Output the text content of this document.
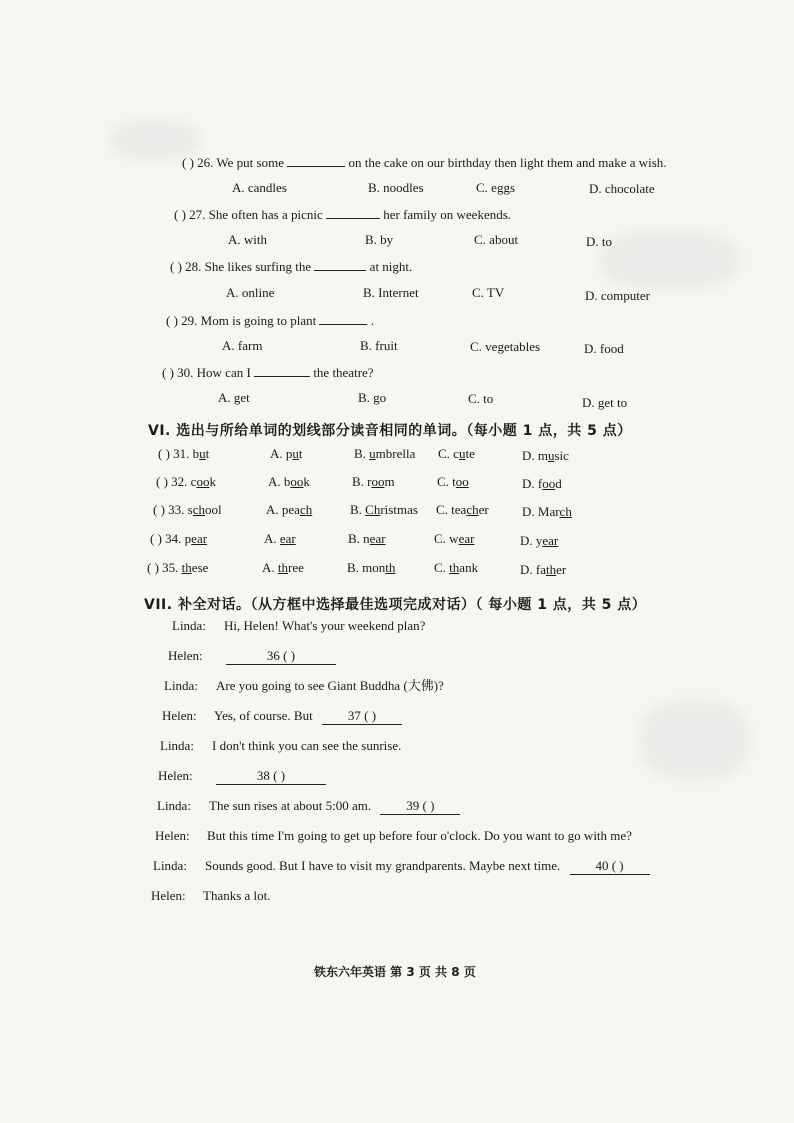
( ) 26. We put some	on the cake on our birthday then light them and make a wish.
A. candles	B. noodles	C. eggs	D. chocolate
( ) 27. She often has a picnic	her family on weekends.
A. with	B. by	C. about	D. to
( ) 28. She likes surfing the	at night.
A. online	B. Internet	C. TV	D. computer
( ) 29. Mom is going to plant	.
A. farm	B. fruit	C. vegetables	D. food
( ) 30. How can I	the theatre?
A. get	B. go	C. to	D. get to
VI. 选出与所给单词的划线部分读音相同的单词。（每小题 1 点，共 5 点）
( ) 31. but	A. put	B. umbrella C. cute	D. music
( ) 32. cook	A. book	B. room	C. too	D. food
( ) 33. school	A. peach	B. Christmas C. teacher	D. March
( ) 34. pear	A. ear	B. near	C. wear	D. year
( ) 35. these	A. three	B. month	C. thank	D. father
VII. 补全对话。（从方框中选择最佳选项完成对话）（ 每小题 1 点，共 5 点）
Linda: Hi, Helen! What's your weekend plan?
Helen:	36 ( )
Linda: Are you going to see Giant Buddha (大佛)?
Helen: Yes, of course. But 37 ( )
Linda: I don't think you can see the sunrise.
Helen:	38 ( )
Linda: The sun rises at about 5:00 am. 39 ( )
Helen: But this time I'm going to get up before four o'clock. Do you want to go with me?
Linda: Sounds good. But I have to visit my grandparents. Maybe next time. 40 ( )
Helen: Thanks a lot.
铁东六年英语 第 3 页 共 8 页
